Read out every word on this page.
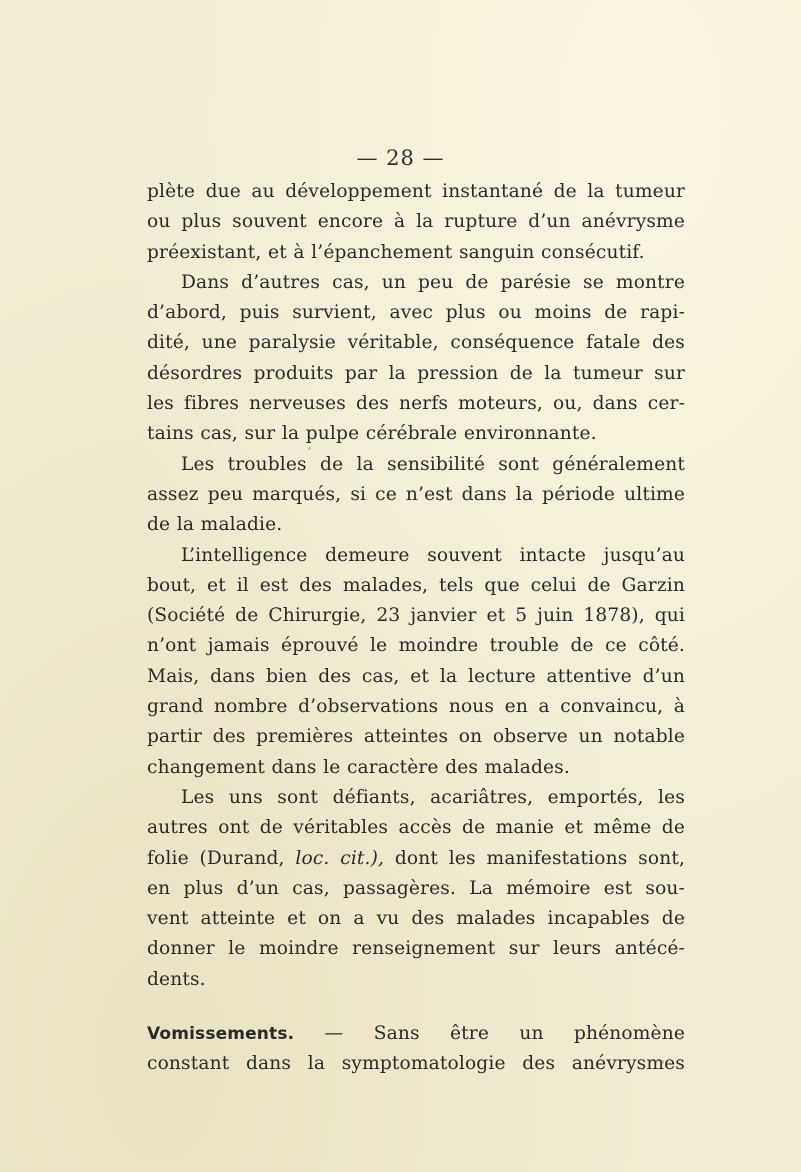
— 28 —
plète due au développement instantané de la tumeur
ou plus souvent encore à la rupture d’un anévrysme
préexistant, et à l’épanchement sanguin consécutif.
Dans d’autres cas, un peu de parésie se montre
d’abord, puis survient, avec plus ou moins de rapi-
dité, une paralysie véritable, conséquence fatale des
désordres produits par la pression de la tumeur sur
les fibres nerveuses des nerfs moteurs, ou, dans cer-
tains cas, sur la pulpe cérébrale environnante.
Les troubles de la sensibilité sont généralement
assez peu marqués, si ce n’est dans la période ultime
de la maladie.
L’intelligence demeure souvent intacte jusqu’au
bout, et il est des malades, tels que celui de Garzin
(Société de Chirurgie, 23 janvier et 5 juin 1878), qui
n’ont jamais éprouvé le moindre trouble de ce côté.
Mais, dans bien des cas, et la lecture attentive d’un
grand nombre d’observations nous en a convaincu, à
partir des premières atteintes on observe un notable
changement dans le caractère des malades.
Les uns sont défiants, acariâtres, emportés, les
autres ont de véritables accès de manie et même de
folie (Durand, loc. cit.), dont les manifestations sont,
en plus d’un cas, passagères. La mémoire est sou-
vent atteinte et on a vu des malades incapables de
donner le moindre renseignement sur leurs antécé-
dents.
Vomissements. — Sans être un phénomène
constant dans la symptomatologie des anévrysmes
